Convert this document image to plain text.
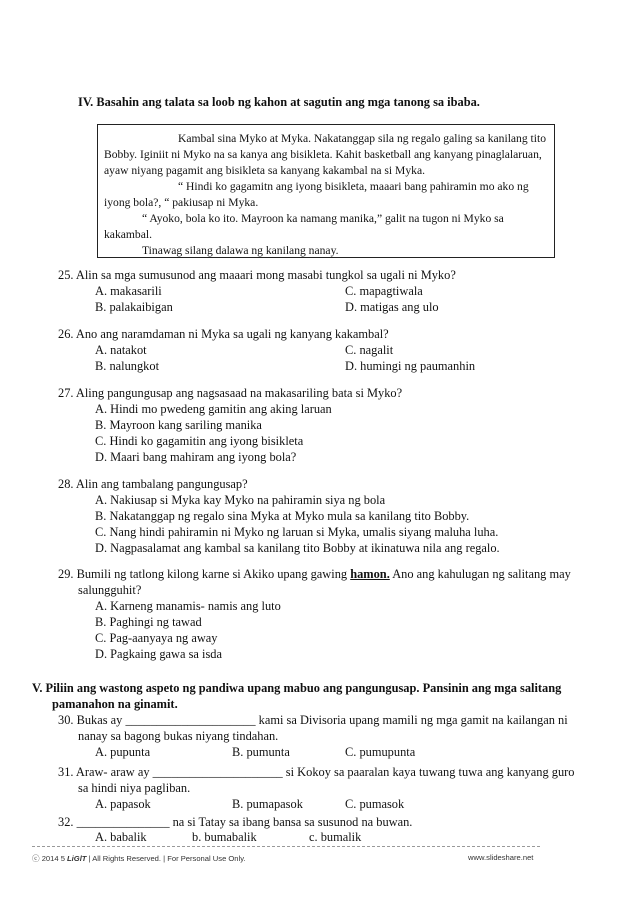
IV. Basahin ang talata sa loob ng kahon at sagutin ang mga tanong sa ibaba.
Kambal sina Myko at Myka. Nakatanggap sila ng regalo galing sa kanilang tito
Bobby. Iginiit ni Myko na sa kanya ang bisikleta. Kahit basketball ang kanyang pinaglalaruan,
ayaw niyang pagamit ang bisikleta sa kanyang kakambal na si Myka.
“ Hindi ko gagamitn ang iyong bisikleta, maaari bang pahiramin mo ako ng
iyong bola?, “ pakiusap ni Myka.
“ Ayoko, bola ko ito. Mayroon ka namang manika,” galit na tugon ni Myko sa
kakambal.
Tinawag silang dalawa ng kanilang nanay.
25. Alin sa mga sumusunod ang maaari mong masabi tungkol sa ugali ni Myko?
A. makasarili
B. palakaibigan
C. mapagtiwala
D. matigas ang ulo
26. Ano ang naramdaman ni Myka sa ugali ng kanyang kakambal?
A. natakot
B. nalungkot
C. nagalit
D. humingi ng paumanhin
27. Aling pangungusap ang nagsasaad na makasariling bata si Myko?
A. Hindi mo pwedeng gamitin ang aking laruan
B. Mayroon kang sariling manika
C. Hindi ko gagamitin ang iyong bisikleta
D. Maari bang mahiram ang iyong bola?
28. Alin ang tambalang pangungusap?
A. Nakiusap si Myka kay Myko na pahiramin siya ng bola
B. Nakatanggap ng regalo sina Myka at Myko mula sa kanilang tito Bobby.
C. Nang hindi pahiramin ni Myko ng laruan si Myka, umalis siyang maluha luha.
D. Nagpasalamat ang kambal sa kanilang tito Bobby at ikinatuwa nila ang regalo.
29. Bumili ng tatlong kilong karne si Akiko upang gawing hamon. Ano ang kahulugan ng salitang may
salungguhit?
A. Karneng manamis- namis ang luto
B. Paghingi ng tawad
C. Pag-aanyaya ng away
D. Pagkaing gawa sa isda
V. Piliin ang wastong aspeto ng pandiwa upang mabuo ang pangungusap. Pansinin ang mga salitang
pamanahon na ginamit.
30. Bukas ay _____________________ kami sa Divisoria upang mamili ng mga gamit na kailangan ni
nanay sa bagong bukas niyang tindahan.
A. pupunta	B. pumunta	C. pumupunta
31. Araw- araw ay _____________________ si Kokoy sa paaralan kaya tuwang tuwa ang kanyang guro
sa hindi niya pagliban.
A. papasok	B. pumapasok	C. pumasok
32. _______________ na si Tatay sa ibang bansa sa susunod na buwan.
A. babalik	b. bumabalik	c. bumalik
ⓒ 2014 5 LiGlT | All Rights Reserved. | For Personal Use Only.	www.slideshare.net
